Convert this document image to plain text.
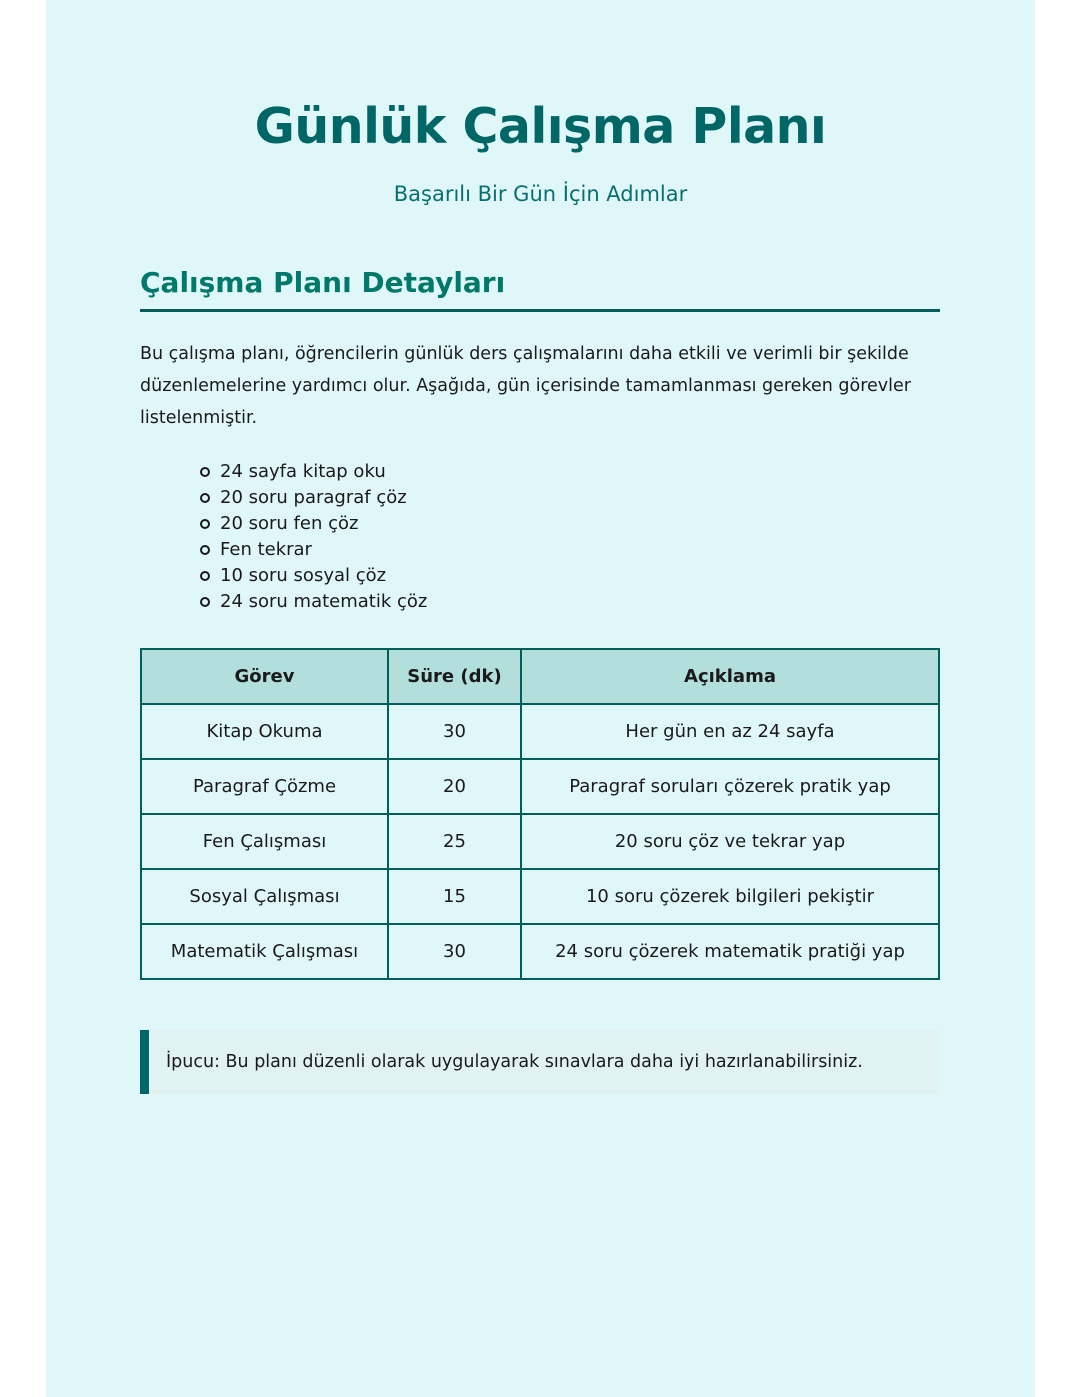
Günlük Çalışma Planı

Başarılı Bir Gün İçin Adımlar

Çalışma Planı Detayları

Bu çalışma planı, öğrencilerin günlük ders çalışmalarını daha etkili ve verimli bir şekilde düzenlemelerine yardımcı olur. Aşağıda, gün içerisinde tamamlanması gereken görevler listelenmiştir.

24 sayfa kitap oku
20 soru paragraf çöz
20 soru fen çöz
Fen tekrar
10 soru sosyal çöz
24 soru matematik çöz
Görev	Süre (dk)	Açıklama
Kitap Okuma	30	Her gün en az 24 sayfa
Paragraf Çözme	20	Paragraf soruları çözerek pratik yap
Fen Çalışması	25	20 soru çöz ve tekrar yap
Sosyal Çalışması	15	10 soru çözerek bilgileri pekiştir
Matematik Çalışması	30	24 soru çözerek matematik pratiği yap
İpucu: Bu planı düzenli olarak uygulayarak sınavlara daha iyi hazırlanabilirsiniz.
